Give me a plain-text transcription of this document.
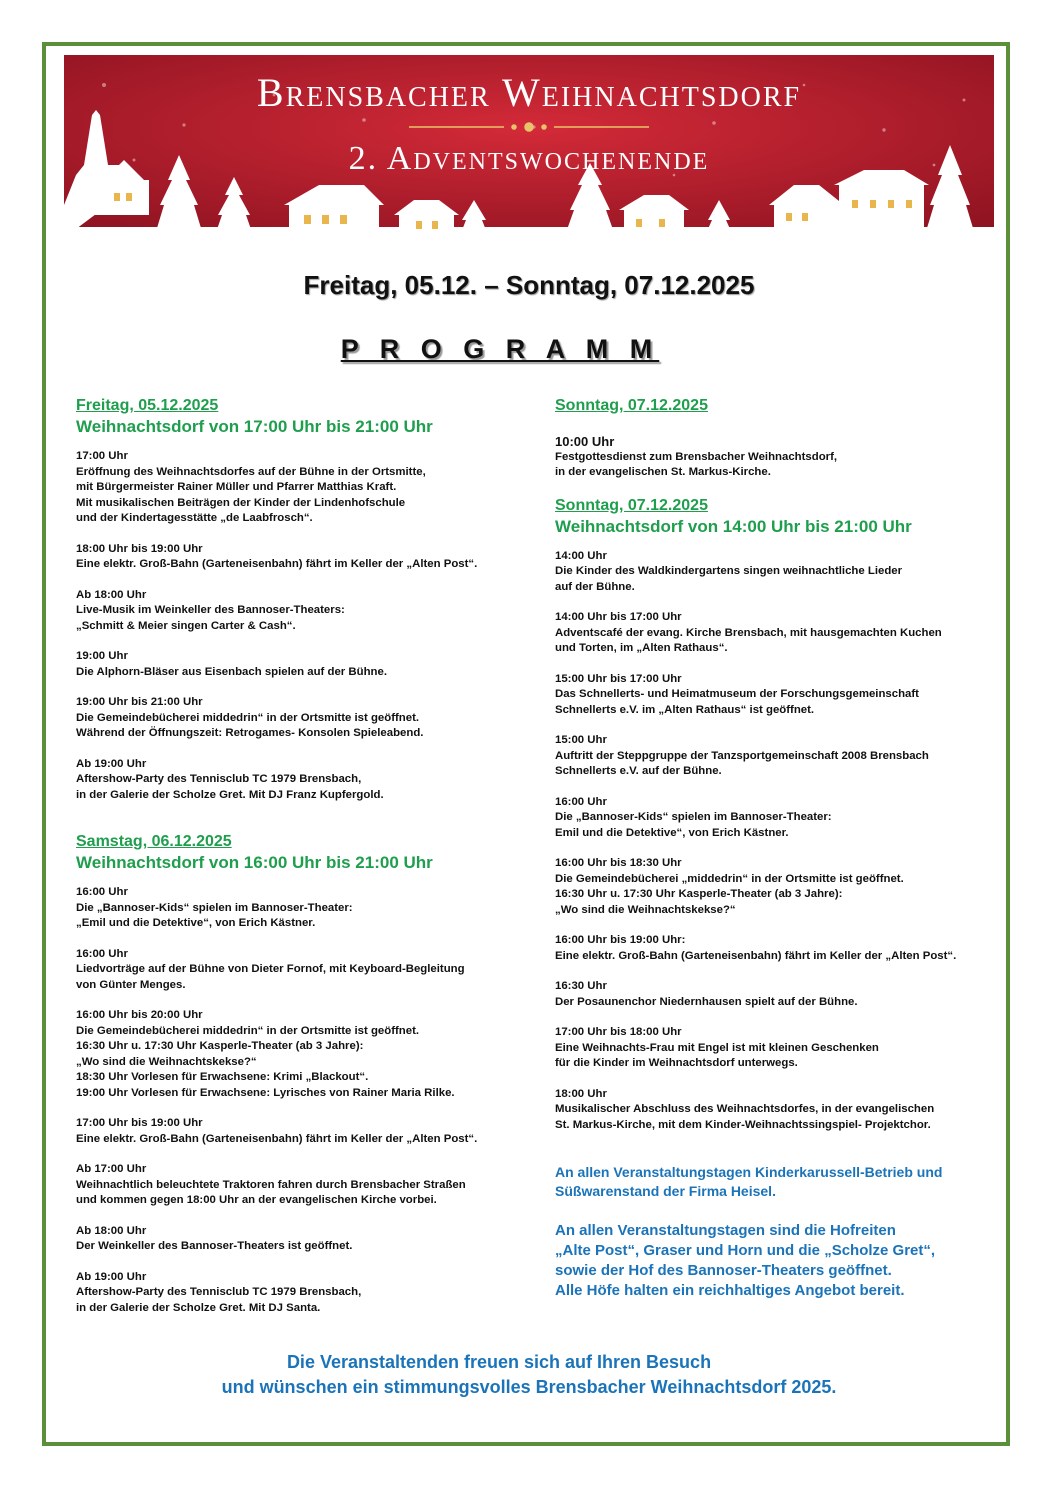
Brensbacher Weihnachtsdorf
2. Adventswochenende
Freitag, 05.12. – Sonntag, 07.12.2025
P R O G R A M M
Freitag, 05.12.2025
Weihnachtsdorf von 17:00 Uhr bis 21:00 Uhr
17:00 Uhr
Eröffnung des Weihnachtsdorfes auf der Bühne in der Ortsmitte,
mit Bürgermeister Rainer Müller und Pfarrer Matthias Kraft.
Mit musikalischen Beiträgen der Kinder der Lindenhofschule
und der Kindertagesstätte „de Laabfrosch“.
18:00 Uhr bis 19:00 Uhr
Eine elektr. Groß-Bahn (Garteneisenbahn) fährt im Keller der „Alten Post“.
Ab 18:00 Uhr
Live-Musik im Weinkeller des Bannoser-Theaters:
„Schmitt & Meier singen Carter & Cash“.
19:00 Uhr
Die Alphorn-Bläser aus Eisenbach spielen auf der Bühne.
19:00 Uhr bis 21:00 Uhr
Die Gemeindebücherei middedrin“ in der Ortsmitte ist geöffnet.
Während der Öffnungszeit: Retrogames- Konsolen Spieleabend.
Ab 19:00 Uhr
Aftershow-Party des Tennisclub TC 1979 Brensbach,
in der Galerie der Scholze Gret. Mit DJ Franz Kupfergold.
Samstag, 06.12.2025
Weihnachtsdorf von 16:00 Uhr bis 21:00 Uhr
16:00 Uhr
Die „Bannoser-Kids“ spielen im Bannoser-Theater:
„Emil und die Detektive“, von Erich Kästner.
16:00 Uhr
Liedvorträge auf der Bühne von Dieter Fornof, mit Keyboard-Begleitung
von Günter Menges.
16:00 Uhr bis 20:00 Uhr
Die Gemeindebücherei middedrin“ in der Ortsmitte ist geöffnet.
16:30 Uhr u. 17:30 Uhr Kasperle-Theater (ab 3 Jahre):
„Wo sind die Weihnachtskekse?“
18:30 Uhr Vorlesen für Erwachsene: Krimi „Blackout“.
19:00 Uhr Vorlesen für Erwachsene: Lyrisches von Rainer Maria Rilke.
17:00 Uhr bis 19:00 Uhr
Eine elektr. Groß-Bahn (Garteneisenbahn) fährt im Keller der „Alten Post“.
Ab 17:00 Uhr
Weihnachtlich beleuchtete Traktoren fahren durch Brensbacher Straßen
und kommen gegen 18:00 Uhr an der evangelischen Kirche vorbei.
Ab 18:00 Uhr
Der Weinkeller des Bannoser-Theaters ist geöffnet.
Ab 19:00 Uhr
Aftershow-Party des Tennisclub TC 1979 Brensbach,
in der Galerie der Scholze Gret. Mit DJ Santa.
Sonntag, 07.12.2025
10:00 Uhr
Festgottesdienst zum Brensbacher Weihnachtsdorf,
in der evangelischen St. Markus-Kirche.
Sonntag, 07.12.2025
Weihnachtsdorf von 14:00 Uhr bis 21:00 Uhr
14:00 Uhr
Die Kinder des Waldkindergartens singen weihnachtliche Lieder
auf der Bühne.
14:00 Uhr bis 17:00 Uhr
Adventscafé der evang. Kirche Brensbach, mit hausgemachten Kuchen
und Torten, im „Alten Rathaus“.
15:00 Uhr bis 17:00 Uhr
Das Schnellerts- und Heimatmuseum der Forschungsgemeinschaft
Schnellerts e.V. im „Alten Rathaus“ ist geöffnet.
15:00 Uhr
Auftritt der Steppgruppe der Tanzsportgemeinschaft 2008 Brensbach
Schnellerts e.V. auf der Bühne.
16:00 Uhr
Die „Bannoser-Kids“ spielen im Bannoser-Theater:
Emil und die Detektive“, von Erich Kästner.
16:00 Uhr bis 18:30 Uhr
Die Gemeindebücherei „middedrin“ in der Ortsmitte ist geöffnet.
16:30 Uhr u. 17:30 Uhr Kasperle-Theater (ab 3 Jahre):
„Wo sind die Weihnachtskekse?“
16:00 Uhr bis 19:00 Uhr:
Eine elektr. Groß-Bahn (Garteneisenbahn) fährt im Keller der „Alten Post“.
16:30 Uhr
Der Posaunenchor Niedernhausen spielt auf der Bühne.
17:00 Uhr bis 18:00 Uhr
Eine Weihnachts-Frau mit Engel ist mit kleinen Geschenken
für die Kinder im Weihnachtsdorf unterwegs.
18:00 Uhr
Musikalischer Abschluss des Weihnachtsdorfes, in der evangelischen
St. Markus-Kirche, mit dem Kinder-Weihnachtssingspiel- Projektchor.
An allen Veranstaltungstagen Kinderkarussell-Betrieb und
Süßwarenstand der Firma Heisel.
An allen Veranstaltungstagen sind die Hofreiten
„Alte Post“, Graser und Horn und die „Scholze Gret“,
sowie der Hof des Bannoser-Theaters geöffnet.
Alle Höfe halten ein reichhaltiges Angebot bereit.
Die Veranstaltenden freuen sich auf Ihren Besuch
und wünschen ein stimmungsvolles Brensbacher Weihnachtsdorf 2025.
